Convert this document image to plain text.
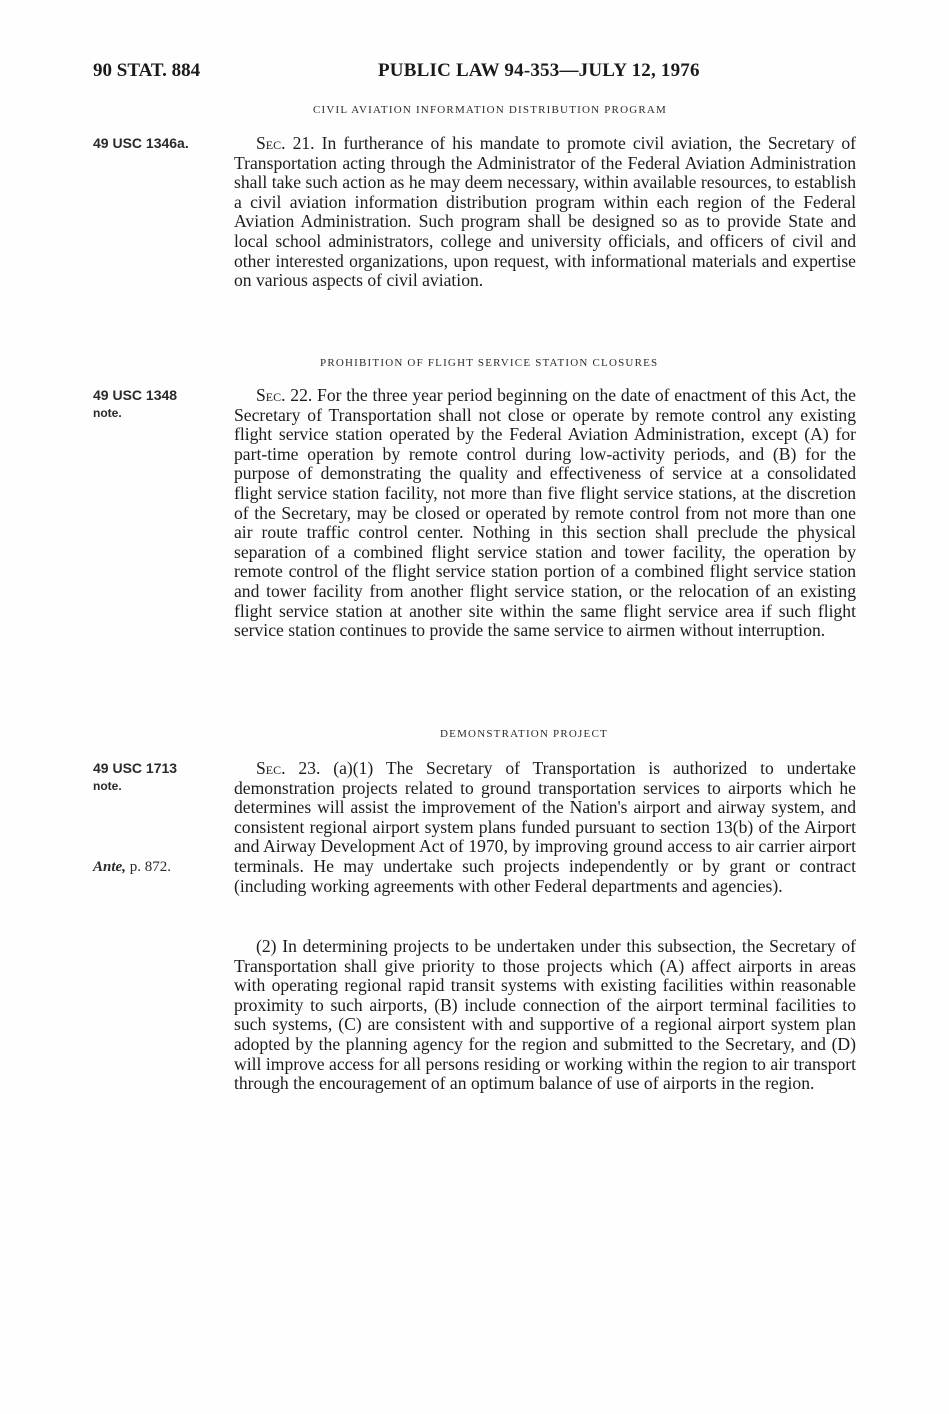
90 STAT. 884	PUBLIC LAW 94-353—JULY 12, 1976
CIVIL AVIATION INFORMATION DISTRIBUTION PROGRAM
49 USC 1346a.	Sec. 21. In furtherance of his mandate to promote civil aviation, the Secretary of Transportation acting through the Administrator of the Federal Aviation Administration shall take such action as he may deem necessary, within available resources, to establish a civil aviation information distribution program within each region of the Federal Aviation Administration. Such program shall be designed so as to provide State and local school administrators, college and university officials, and officers of civil and other interested organizations, upon request, with informational materials and expertise on various aspects of civil aviation.
PROHIBITION OF FLIGHT SERVICE STATION CLOSURES
49 USC 1348
note.
Sec. 22. For the three year period beginning on the date of enactment of this Act, the Secretary of Transportation shall not close or operate by remote control any existing flight service station operated by the Federal Aviation Administration, except (A) for part-time operation by remote control during low-activity periods, and (B) for the purpose of demonstrating the quality and effectiveness of service at a consolidated flight service station facility, not more than five flight service stations, at the discretion of the Secretary, may be closed or operated by remote control from not more than one air route traffic control center. Nothing in this section shall preclude the physical separation of a combined flight service station and tower facility, the operation by remote control of the flight service station portion of a combined flight service station and tower facility from another flight service station, or the relocation of an existing flight service station at another site within the same flight service area if such flight service station continues to provide the same service to airmen without interruption.
DEMONSTRATION PROJECT
49 USC 1713
note.
Ante, p. 872.
Sec. 23. (a)(1) The Secretary of Transportation is authorized to undertake demonstration projects related to ground transportation services to airports which he determines will assist the improvement of the Nation's airport and airway system, and consistent regional airport system plans funded pursuant to section 13(b) of the Airport and Airway Development Act of 1970, by improving ground access to air carrier airport terminals. He may undertake such projects independently or by grant or contract (including working agreements with other Federal departments and agencies).
(2) In determining projects to be undertaken under this subsection, the Secretary of Transportation shall give priority to those projects which (A) affect airports in areas with operating regional rapid transit systems with existing facilities within reasonable proximity to such airports, (B) include connection of the airport terminal facilities to such systems, (C) are consistent with and supportive of a regional airport system plan adopted by the planning agency for the region and submitted to the Secretary, and (D) will improve access for all persons residing or working within the region to air transport through the encouragement of an optimum balance of use of airports in the region.
